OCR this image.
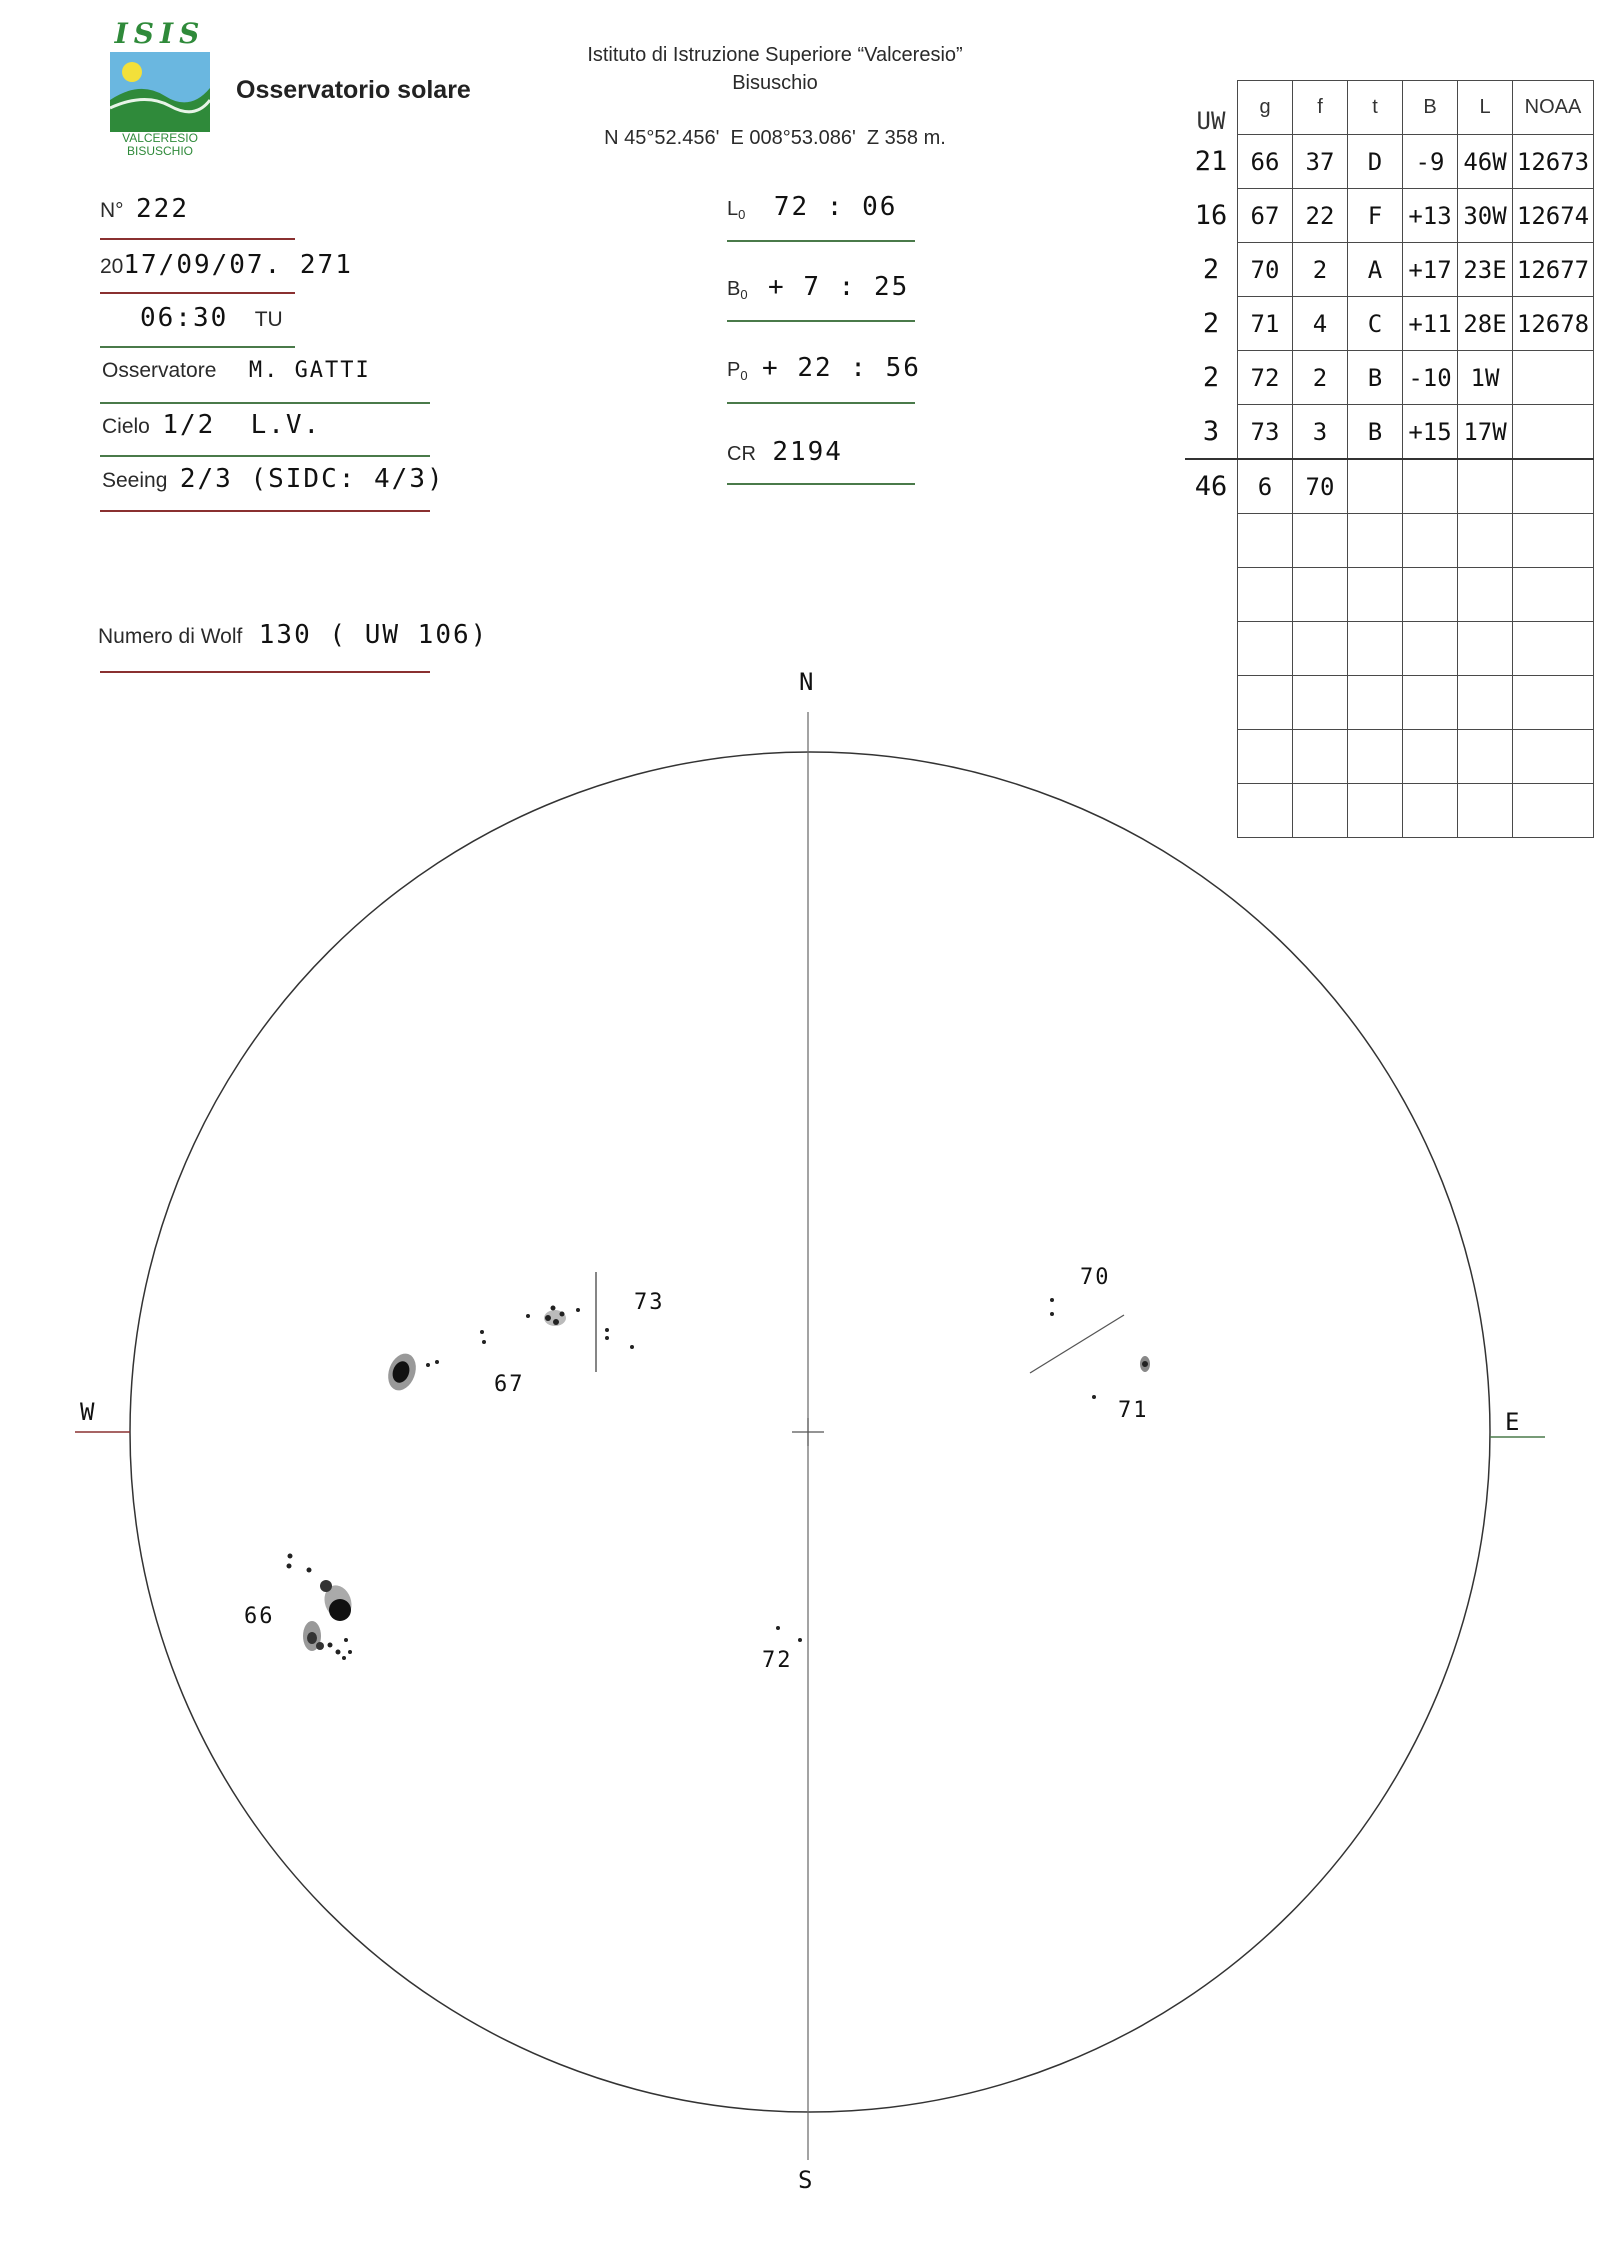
ISIS
VALCERESIO
BISUSCHIO
Osservatorio solare
Istituto di Istruzione Superiore “Valceresio”
Bisuschio
N 45°52.456'  E 008°53.086'  Z 358 m.
N° 222
2017/09/07. 271
06:30 TU
Osservatore M. GATTI
Cielo 1/2  L.V.
Seeing 2/3 (SIDC: 4/3)
Numero di Wolf 130 ( UW 106)
$L_0$ 72 : 06
$B_0 + 7$ : 25
$P_0 + 22$ : 56
CR 2194
UW	g	f	t	B	L	NOAA
21	66	37	D	-9	46W	12673
16	67	22	F	+13	30W	12674
2	70	2	A	+17	23E	12677
2	71	4	C	+11	28E	12678
2	72	2	B	-10	1W	
3	73	3	B	+15	17W	
46	6	70				

N
S
W	E
66
67
70
71
72
73
